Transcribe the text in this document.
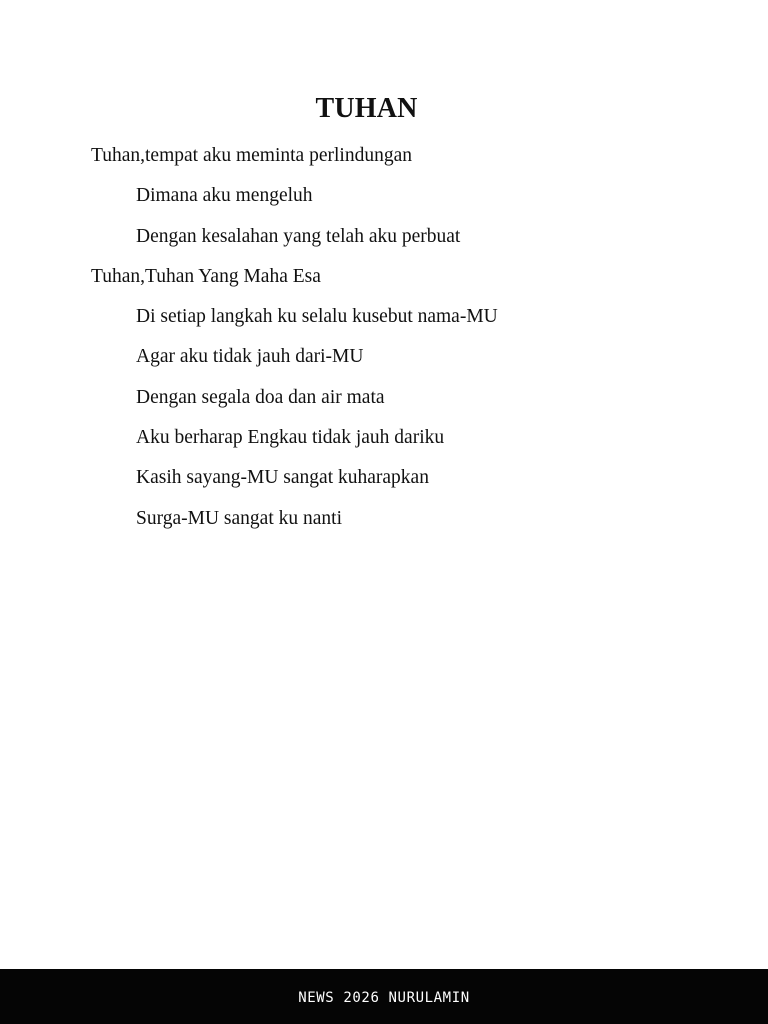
TUHAN
Tuhan,tempat aku meminta perlindungan
Dimana aku mengeluh
Dengan kesalahan yang telah aku perbuat
Tuhan,Tuhan Yang Maha Esa
Di setiap langkah ku selalu kusebut nama-MU
Agar aku tidak jauh dari-MU
Dengan segala doa dan air mata
Aku berharap Engkau tidak jauh dariku
Kasih sayang-MU sangat kuharapkan
Surga-MU sangat ku nanti
NEWS 2026 NURULAMIN
